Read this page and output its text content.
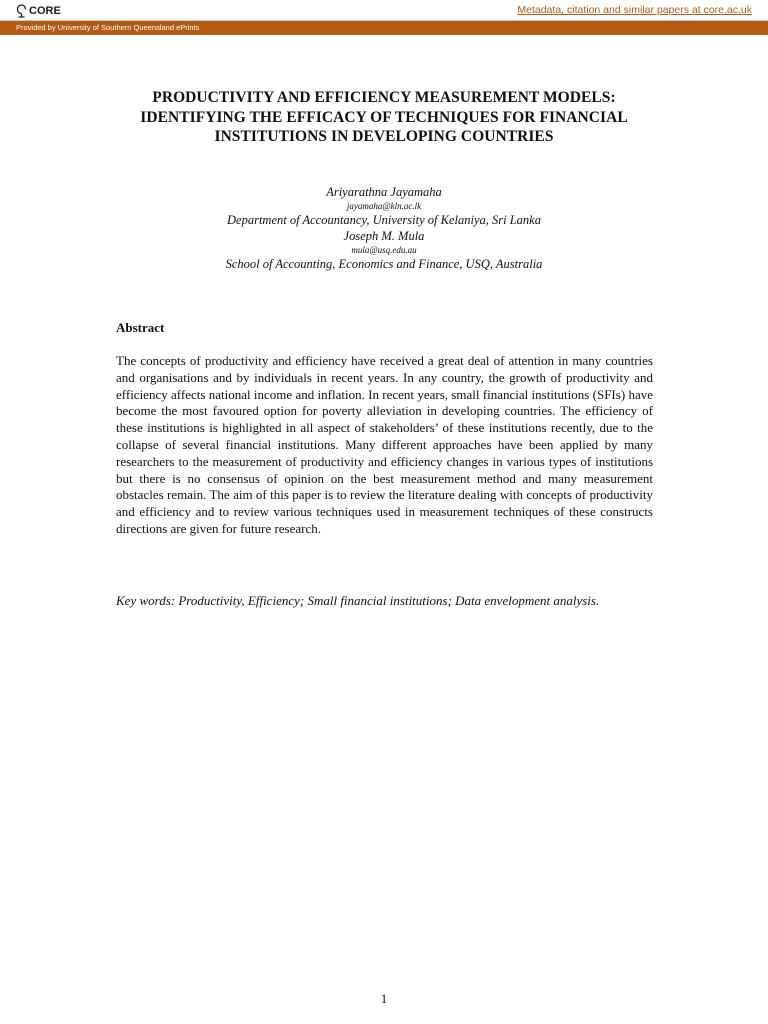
CORE	Metadata, citation and similar papers at core.ac.uk
Provided by University of Southern Queensland ePrints
PRODUCTIVITY AND EFFICIENCY MEASUREMENT MODELS: IDENTIFYING THE EFFICACY OF TECHNIQUES FOR FINANCIAL INSTITUTIONS IN DEVELOPING COUNTRIES
Ariyarathna Jayamaha
jayamaha@kln.ac.lk
Department of Accountancy, University of Kelaniya, Sri Lanka
Joseph M. Mula
mula@usq.edu.au
School of Accounting, Economics and Finance, USQ, Australia
Abstract

The concepts of productivity and efficiency have received a great deal of attention in many countries and organisations and by individuals in recent years. In any country, the growth of productivity and efficiency affects national income and inflation. In recent years, small financial institutions (SFIs) have become the most favoured option for poverty alleviation in developing countries. The efficiency of these institutions is highlighted in all aspect of stakeholders’ of these institutions recently, due to the collapse of several financial institutions. Many different approaches have been applied by many researchers to the measurement of productivity and efficiency changes in various types of institutions but there is no consensus of opinion on the best measurement method and many measurement obstacles remain. The aim of this paper is to review the literature dealing with concepts of productivity and efficiency and to review various techniques used in measurement techniques of these constructs directions are given for future research.

Key words: Productivity, Efficiency; Small financial institutions; Data envelopment analysis.

1
